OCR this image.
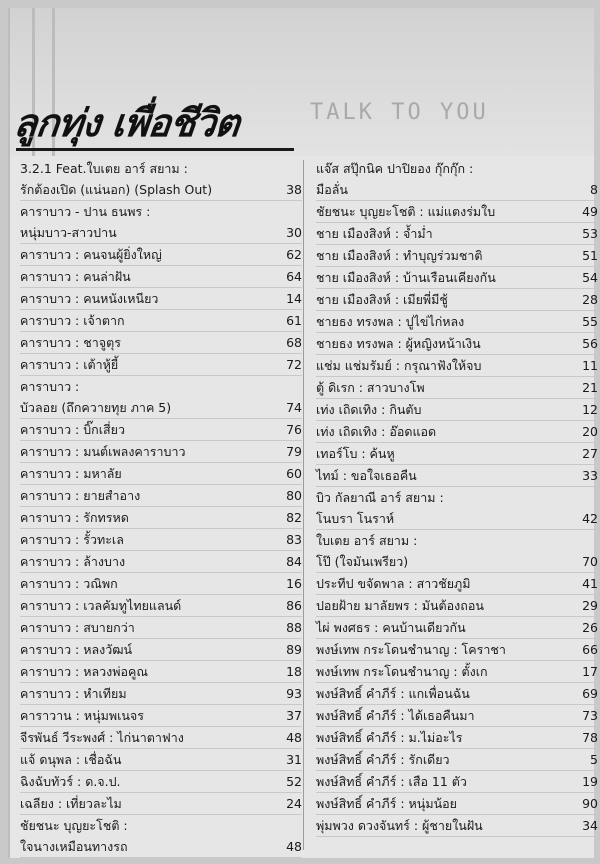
TALK TO YOU
ลูกทุ่ง เพื่อชีวิต
3.2.1 Feat.ใบเตย อาร์ สยาม :
รักต้องเปิด (แน่นอก) (Splash Out)	38
คาราบาว - ปาน ธนพร :
หนุ่มบาว-สาวปาน	30
คาราบาว : คนจนผู้ยิ่งใหญ่	62
คาราบาว : คนล่าฝัน	64
คาราบาว : คนหนังเหนียว	14
คาราบาว : เจ้าตาก	61
คาราบาว : ชาจูตุร	68
คาราบาว : เต้าหู้ยี้	72
คาราบาว :
บัวลอย (ถึกควายทุย ภาค 5)	74
คาราบาว : บิ๊กเสี่ยว	76
คาราบาว : มนต์เพลงคาราบาว	79
คาราบาว : มหาลัย	60
คาราบาว : ยายสำอาง	80
คาราบาว : รักทรหด	82
คาราบาว : รั้วทะเล	83
คาราบาว : ล้างบาง	84
คาราบาว : วณิพก	16
คาราบาว : เวลคัมทูไทยแลนด์	86
คาราบาว : สบายกว่า	88
คาราบาว : หลงวัฒน์	89
คาราบาว : หลวงพ่อคูณ	18
คาราบาว : หำเทียม	93
คาราวาน : หนุ่มพเนจร	37
จีรพันธ์ วีระพงศ์ : ไก่นาตาฟาง	48
แจ้ ดนุพล : เชื่อฉัน	31
ฉิงฉับทัวร์ : ด.จ.ป.	52
เฉลียง : เที่ยวละไม	24
ชัยชนะ บุญยะโชติ :
ใจนางเหมือนทางรถ	48
แจ๊ส สปุ๊กนิค ปาปิยอง กุ๊กกุ๊ก :
มือลั่น	8
ชัยชนะ บุญยะโชติ : แม่แตงร่มใบ	49
ชาย เมืองสิงห์ : จ้ำม่ำ	53
ชาย เมืองสิงห์ : ทำบุญร่วมชาติ	51
ชาย เมืองสิงห์ : บ้านเรือนเคียงกัน	54
ชาย เมืองสิงห์ : เมียพี่มีชู้	28
ชายธง ทรงพล : ปูไข่ไก่หลง	55
ชายธง ทรงพล : ผู้หญิงหน้าเงิน	56
แช่ม แช่มรัมย์ : กรุณาฟังให้จบ	11
ตู้ ดิเรก : สาวบางโพ	21
เท่ง เถิดเทิง : กินตับ	12
เท่ง เถิดเทิง : อ๊อดแอด	20
เทอร์โบ : ค้นหู	27
ไทม์ : ขอใจเธอคืน	33
บิว กัลยาณี อาร์ สยาม :
โนบรา โนราห์	42
ใบเตย อาร์ สยาม :
โป๊ (ใจมันเพรียว)	70
ประทีป ขจัดพาล : สาวชัยภูมิ	41
ปอยฝ้าย มาลัยพร : มันต้องถอน	29
ไผ่ พงศธร : คนบ้านเดียวกัน	26
พงษ์เทพ กระโดนชำนาญ : โคราชา	66
พงษ์เทพ กระโดนชำนาญ : ตั้งเก	17
พงษ์สิทธิ์ คำภีร์ : แกเพื่อนฉัน	69
พงษ์สิทธิ์ คำภีร์ : ได้เธอคืนมา	73
พงษ์สิทธิ์ คำภีร์ : ม.ไม่อะไร	78
พงษ์สิทธิ์ คำภีร์ : รักเดียว	5
พงษ์สิทธิ์ คำภีร์ : เสือ 11 ตัว	19
พงษ์สิทธิ์ คำภีร์ : หนุ่มน้อย	90
พุ่มพวง ดวงจันทร์ : ผู้ชายในฝัน	34
